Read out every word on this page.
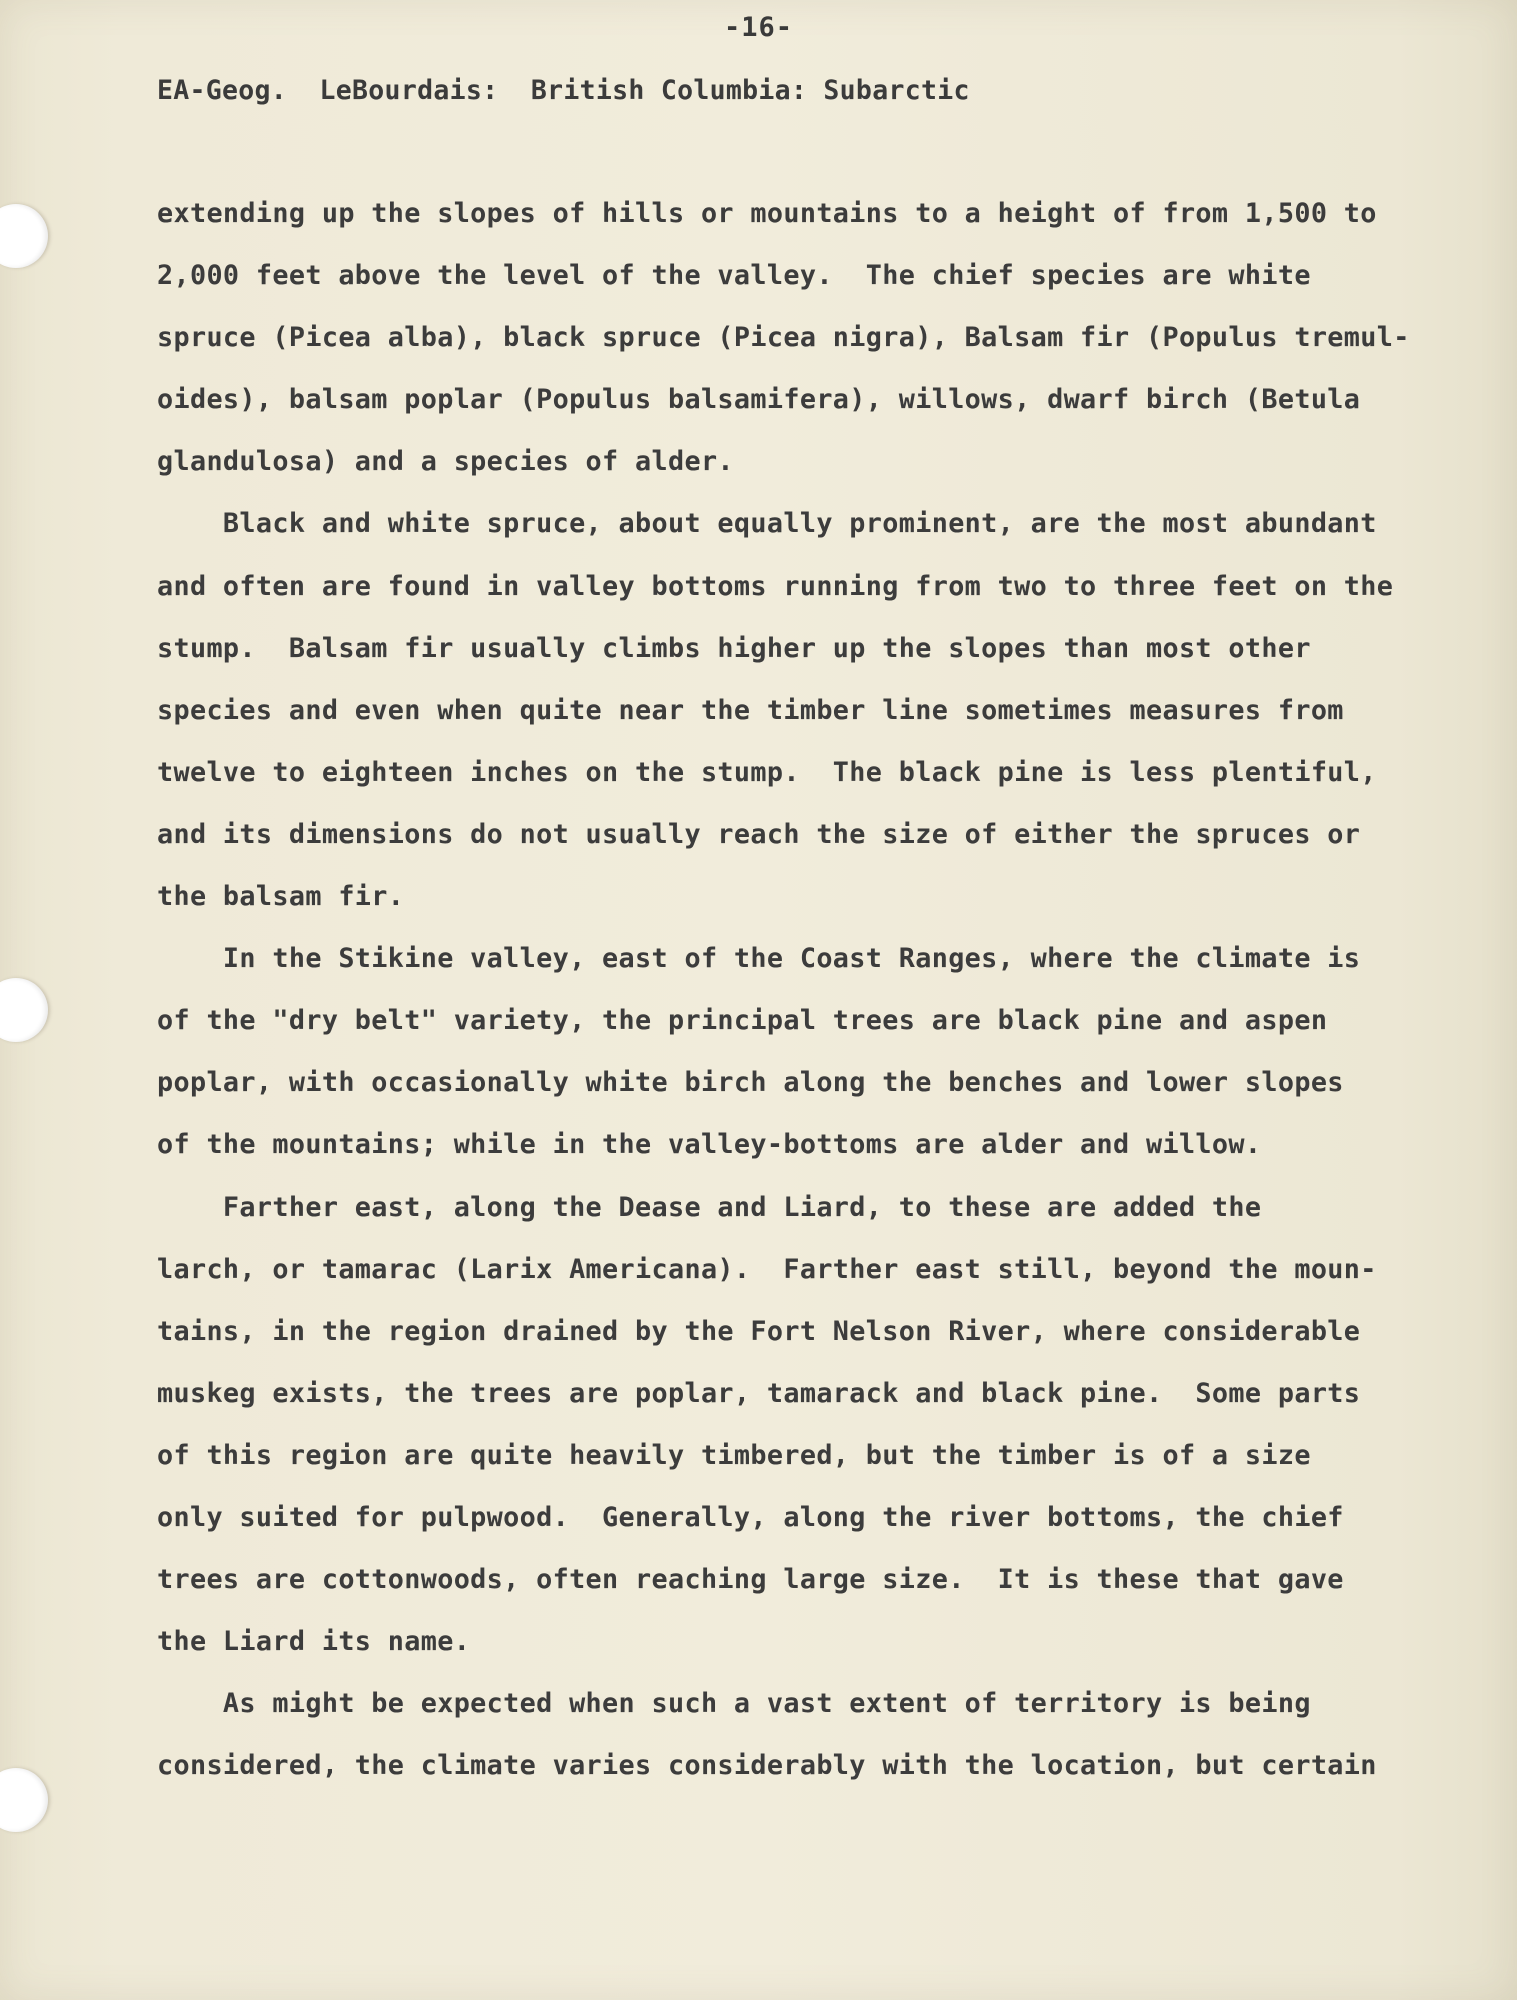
-16-
EA-Geog.  LeBourdais:  British Columbia: Subarctic
extending up the slopes of hills or mountains to a height of from 1,500 to
2,000 feet above the level of the valley.  The chief species are white
spruce (Picea alba), black spruce (Picea nigra), Balsam fir (Populus tremul-
oides), balsam poplar (Populus balsamifera), willows, dwarf birch (Betula
glandulosa) and a species of alder.
Black and white spruce, about equally prominent, are the most abundant
and often are found in valley bottoms running from two to three feet on the
stump.  Balsam fir usually climbs higher up the slopes than most other
species and even when quite near the timber line sometimes measures from
twelve to eighteen inches on the stump.  The black pine is less plentiful,
and its dimensions do not usually reach the size of either the spruces or
the balsam fir.
In the Stikine valley, east of the Coast Ranges, where the climate is
of the "dry belt" variety, the principal trees are black pine and aspen
poplar, with occasionally white birch along the benches and lower slopes
of the mountains; while in the valley-bottoms are alder and willow.
Farther east, along the Dease and Liard, to these are added the
larch, or tamarac (Larix Americana).  Farther east still, beyond the moun-
tains, in the region drained by the Fort Nelson River, where considerable
muskeg exists, the trees are poplar, tamarack and black pine.  Some parts
of this region are quite heavily timbered, but the timber is of a size
only suited for pulpwood.  Generally, along the river bottoms, the chief
trees are cottonwoods, often reaching large size.  It is these that gave
the Liard its name.
As might be expected when such a vast extent of territory is being
considered, the climate varies considerably with the location, but certain
